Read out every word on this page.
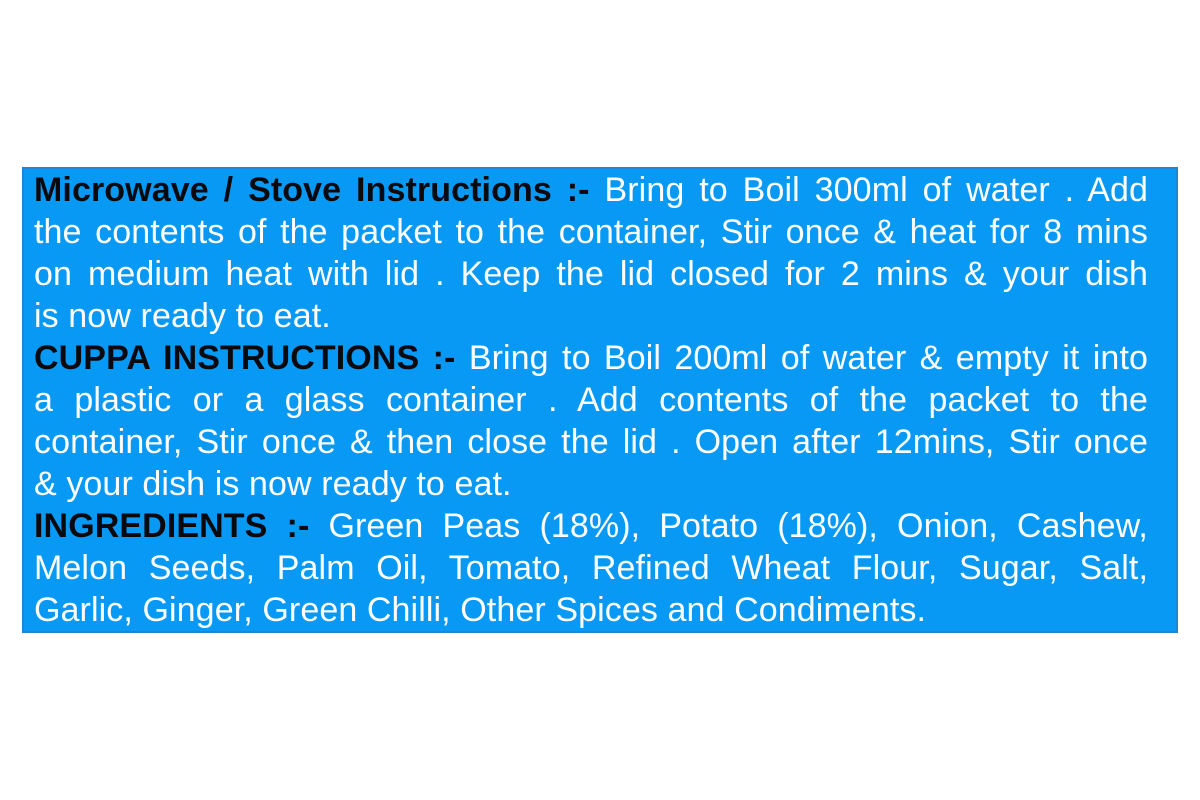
Microwave / Stove Instructions :- Bring to Boil 300ml of water . Add
the contents of the packet to the container, Stir once & heat for 8 mins
on medium heat with lid . Keep the lid closed for 2 mins & your dish
is now ready to eat.
CUPPA INSTRUCTIONS :- Bring to Boil 200ml of water & empty it into
a plastic or a glass container . Add contents of the packet to the
container, Stir once & then close the lid . Open after 12mins, Stir once
& your dish is now ready to eat.
INGREDIENTS :- Green Peas (18%), Potato (18%), Onion, Cashew,
Melon Seeds, Palm Oil, Tomato, Refined Wheat Flour, Sugar, Salt,
Garlic, Ginger, Green Chilli, Other Spices and Condiments.
